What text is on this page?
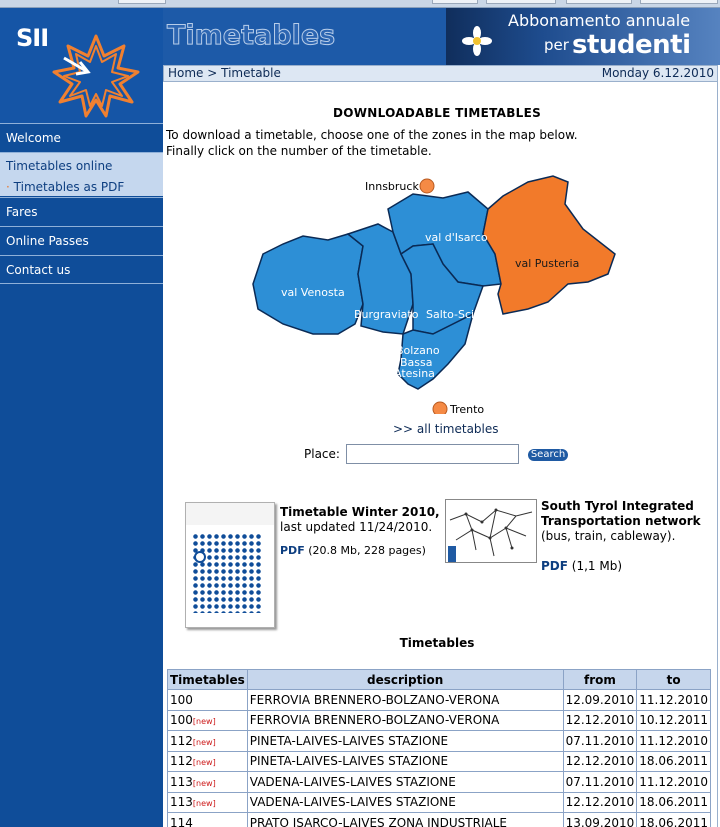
SII
Welcome
Timetables online
· Timetables as PDF
Fares
Online Passes
Contact us
Timetables	Abbonamento annuale
per studenti
Home > Timetable	Monday 6.12.2010
DOWNLOADABLE TIMETABLES
To download a timetable, choose one of the zones in the map below.
Finally click on the number of the timetable.
Innsbruck
val Venosta
val d'Isarco
val Pusteria
Burgraviato Salto-Sciliar
Bolzano
Bassa
Atesina
Trento
>> all timetables
Place:	Search
Timetable Winter 2010,
last updated 11/24/2010.
PDF (20.8 Mb, 228 pages)
South Tyrol Integrated
Transportation network
(bus, train, cableway).
PDF (1,1 Mb)
Timetables
Timetables	description	from	to
100	FERROVIA BRENNERO-BOLZANO-VERONA	12.09.2010	11.12.2010
100[new]	FERROVIA BRENNERO-BOLZANO-VERONA	12.12.2010	10.12.2011
112[new]	PINETA-LAIVES-LAIVES STAZIONE	07.11.2010	11.12.2010
112[new]	PINETA-LAIVES-LAIVES STAZIONE	12.12.2010	18.06.2011
113[new]	VADENA-LAIVES-LAIVES STAZIONE	07.11.2010	11.12.2010
113[new]	VADENA-LAIVES-LAIVES STAZIONE	12.12.2010	18.06.2011
114	PRATO ISARCO-LAIVES ZONA INDUSTRIALE	13.09.2010	18.06.2011
